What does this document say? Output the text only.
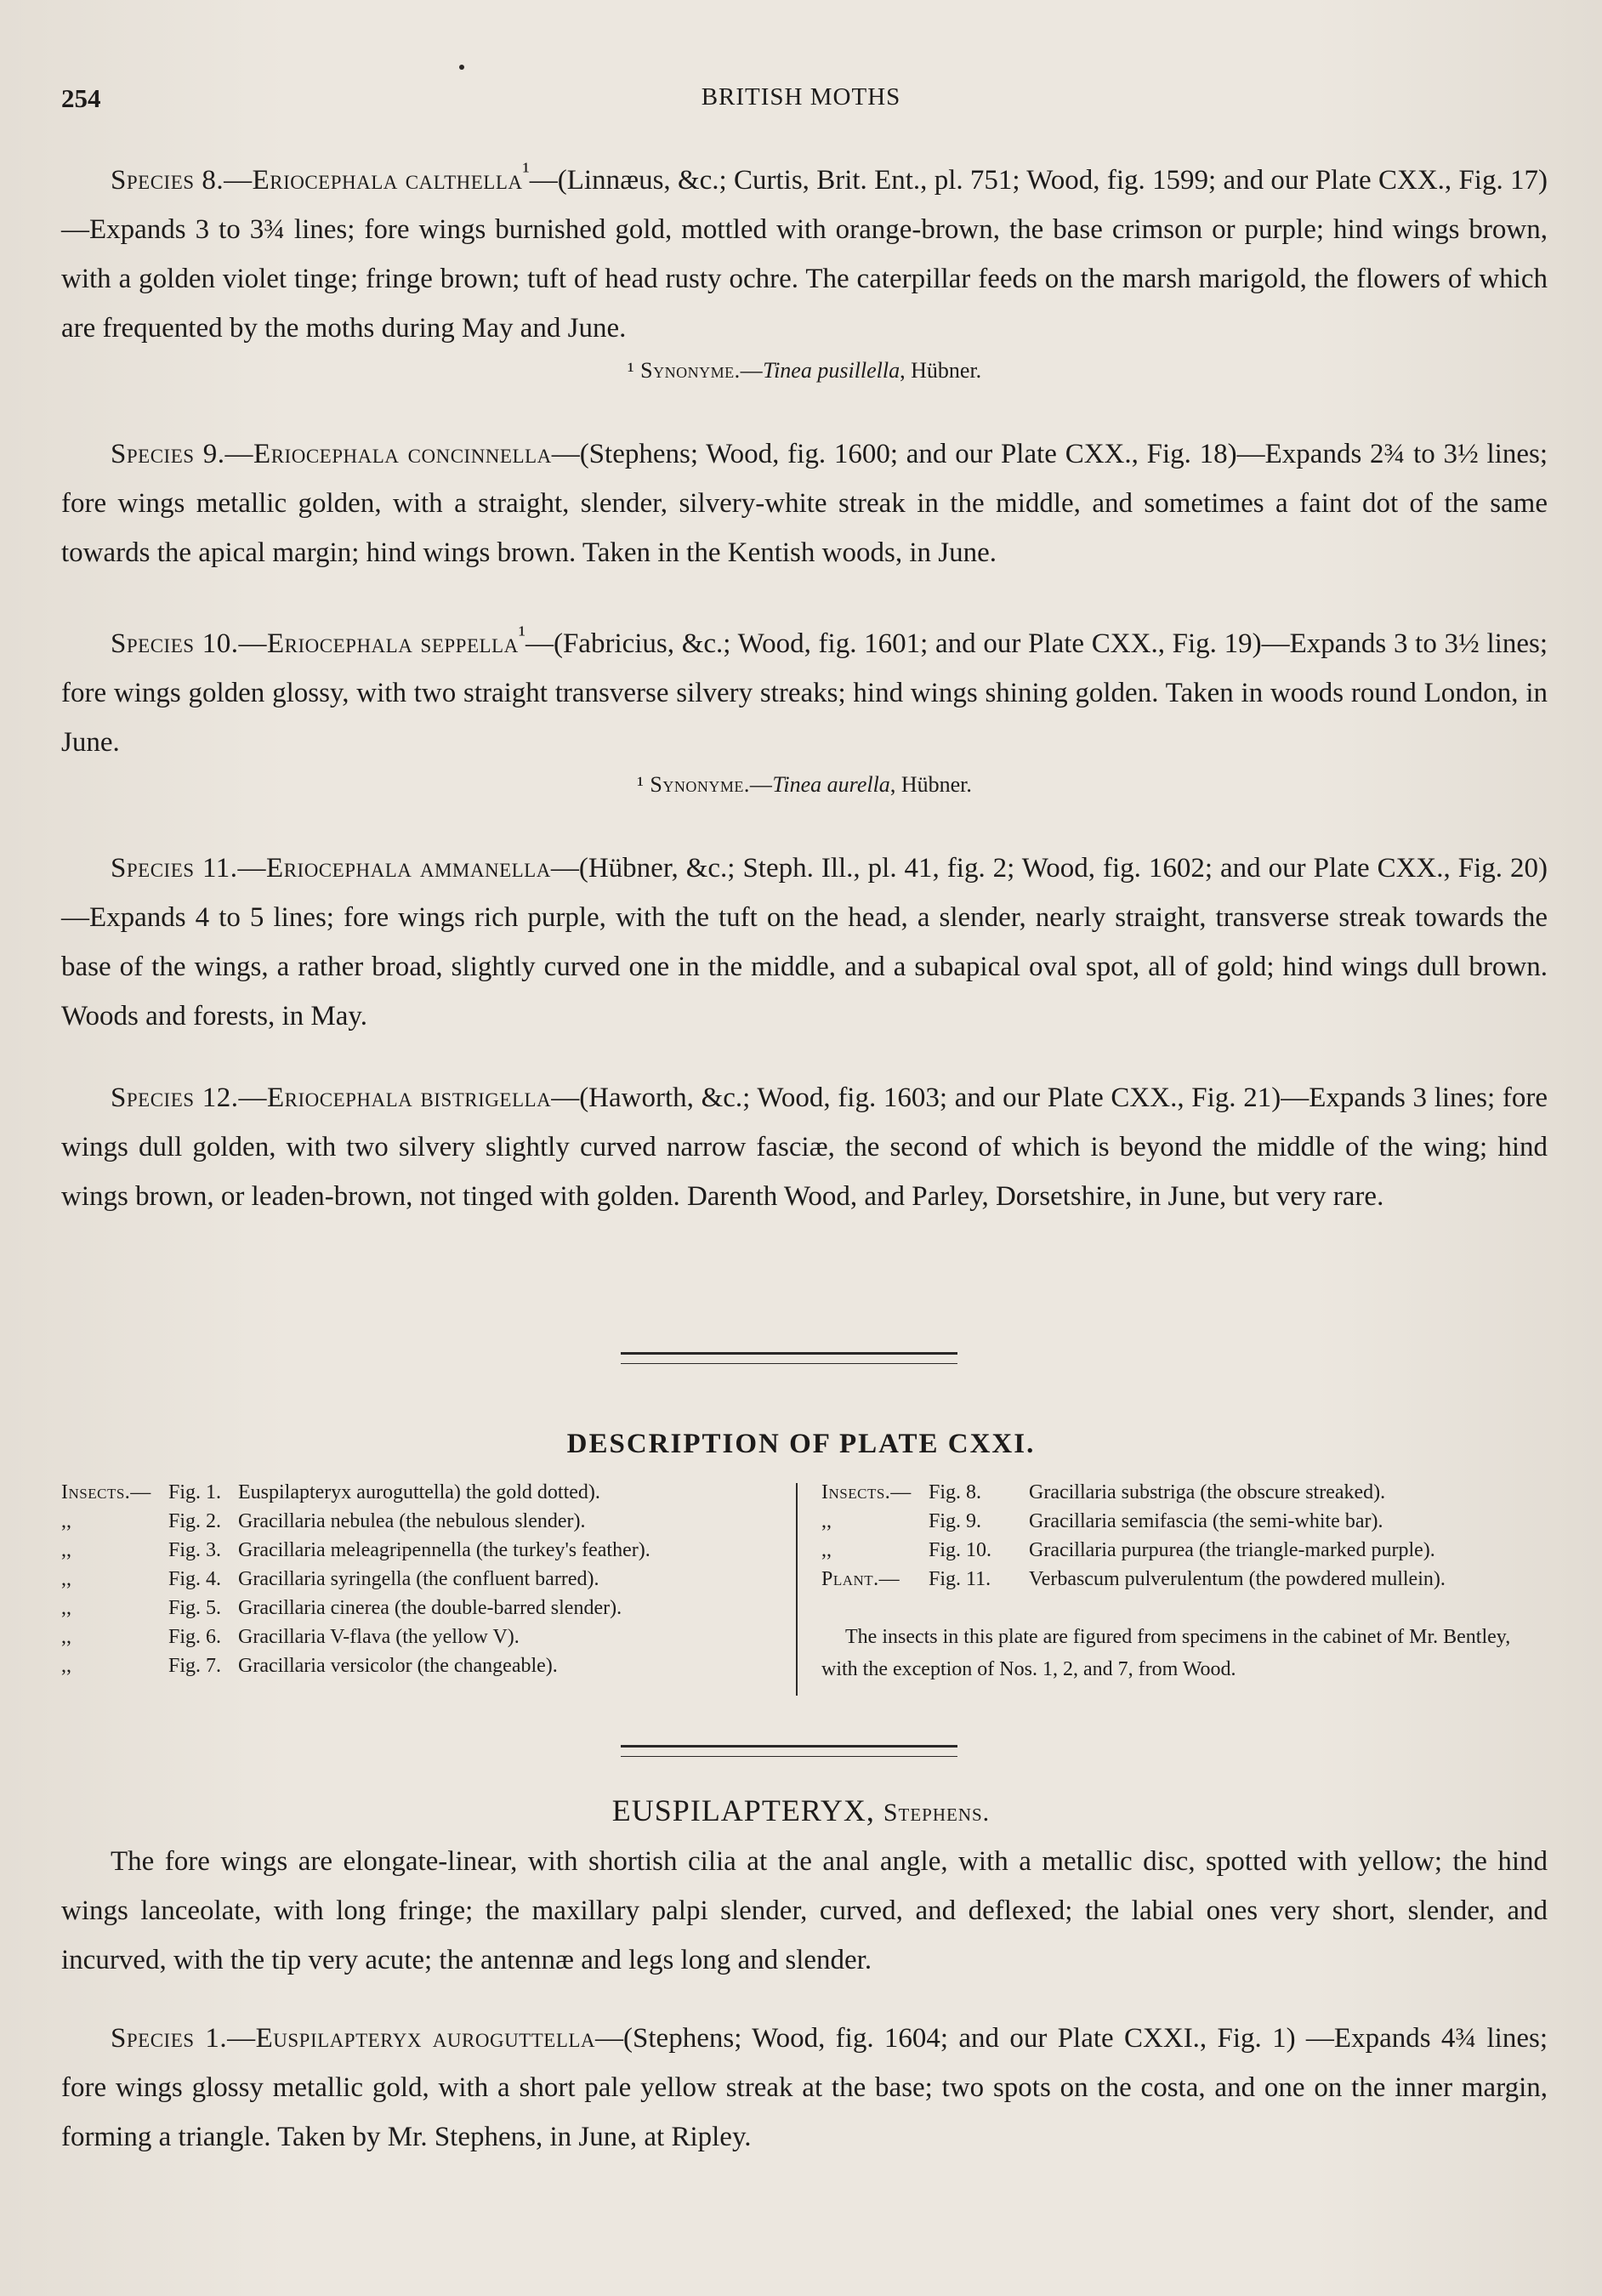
254	BRITISH MOTHS

Species 8.—Eriocephala calthella$^{^1}$—(Linnæus, &c.; Curtis, Brit. Ent., pl. 751; Wood, fig. 1599; and our Plate CXX., Fig. 17)—Expands 3 to 3¾ lines; fore wings burnished gold, mottled with orange-brown, the base crimson or purple; hind wings brown, with a golden violet tinge; fringe brown; tuft of head rusty ochre. The caterpillar feeds on the marsh marigold, the flowers of which are frequented by the moths during May and June.

¹ Synonyme.—Tinea pusillella, Hübner.

Species 9.—Eriocephala concinnella—(Stephens; Wood, fig. 1600; and our Plate CXX., Fig. 18)—Expands 2¾ to 3½ lines; fore wings metallic golden, with a straight, slender, silvery-white streak in the middle, and sometimes a faint dot of the same towards the apical margin; hind wings brown. Taken in the Kentish woods, in June.

Species 10.—Eriocephala seppella$^{^1}$—(Fabricius, &c.; Wood, fig. 1601; and our Plate CXX., Fig. 19)—Expands 3 to 3½ lines; fore wings golden glossy, with two straight transverse silvery streaks; hind wings shining golden. Taken in woods round London, in June.

¹ Synonyme.—Tinea aurella, Hübner.

Species 11.—Eriocephala ammanella—(Hübner, &c.; Steph. Ill., pl. 41, fig. 2; Wood, fig. 1602; and our Plate CXX., Fig. 20)—Expands 4 to 5 lines; fore wings rich purple, with the tuft on the head, a slender, nearly straight, transverse streak towards the base of the wings, a rather broad, slightly curved one in the middle, and a subapical oval spot, all of gold; hind wings dull brown. Woods and forests, in May.

Species 12.—Eriocephala bistrigella—(Haworth, &c.; Wood, fig. 1603; and our Plate CXX., Fig. 21)—Expands 3 lines; fore wings dull golden, with two silvery slightly curved narrow fasciæ, the second of which is beyond the middle of the wing; hind wings brown, or leaden-brown, not tinged with golden. Darenth Wood, and Parley, Dorsetshire, in June, but very rare.

DESCRIPTION OF PLATE CXXI.
Insects.— Fig. 1. Euspilapteryx auroguttella) the gold dotted).
,,	Fig. 2. Gracillaria nebulea (the nebulous slender).
,,	Fig. 3. Gracillaria meleagripennella (the turkey's feather).
,,	Fig. 4. Gracillaria syringella (the confluent barred).
,,	Fig. 5. Gracillaria cinerea (the double-barred slender).
,,	Fig. 6. Gracillaria V-flava (the yellow V).
,,	Fig. 7. Gracillaria versicolor (the changeable).
Insects.— Fig. 8.	Gracillaria substriga (the obscure streaked).
,,	Fig. 9.	Gracillaria semifascia (the semi-white bar).
,,	Fig. 10.	Gracillaria purpurea (the triangle-marked purple).
Plant.—	Fig. 11.	Verbascum pulverulentum (the powdered mullein).
The insects in this plate are figured from specimens in the cabinet of Mr. Bentley, with the exception of Nos. 1, 2, and 7, from Wood.
EUSPILAPTERYX, Stephens.

The fore wings are elongate-linear, with shortish cilia at the anal angle, with a metallic disc, spotted with yellow; the hind wings lanceolate, with long fringe; the maxillary palpi slender, curved, and deflexed; the labial ones very short, slender, and incurved, with the tip very acute; the antennæ and legs long and slender.

Species 1.—Euspilapteryx auroguttella—(Stephens; Wood, fig. 1604; and our Plate CXXI., Fig. 1) —Expands 4¾ lines; fore wings glossy metallic gold, with a short pale yellow streak at the base; two spots on the costa, and one on the inner margin, forming a triangle. Taken by Mr. Stephens, in June, at Ripley.
